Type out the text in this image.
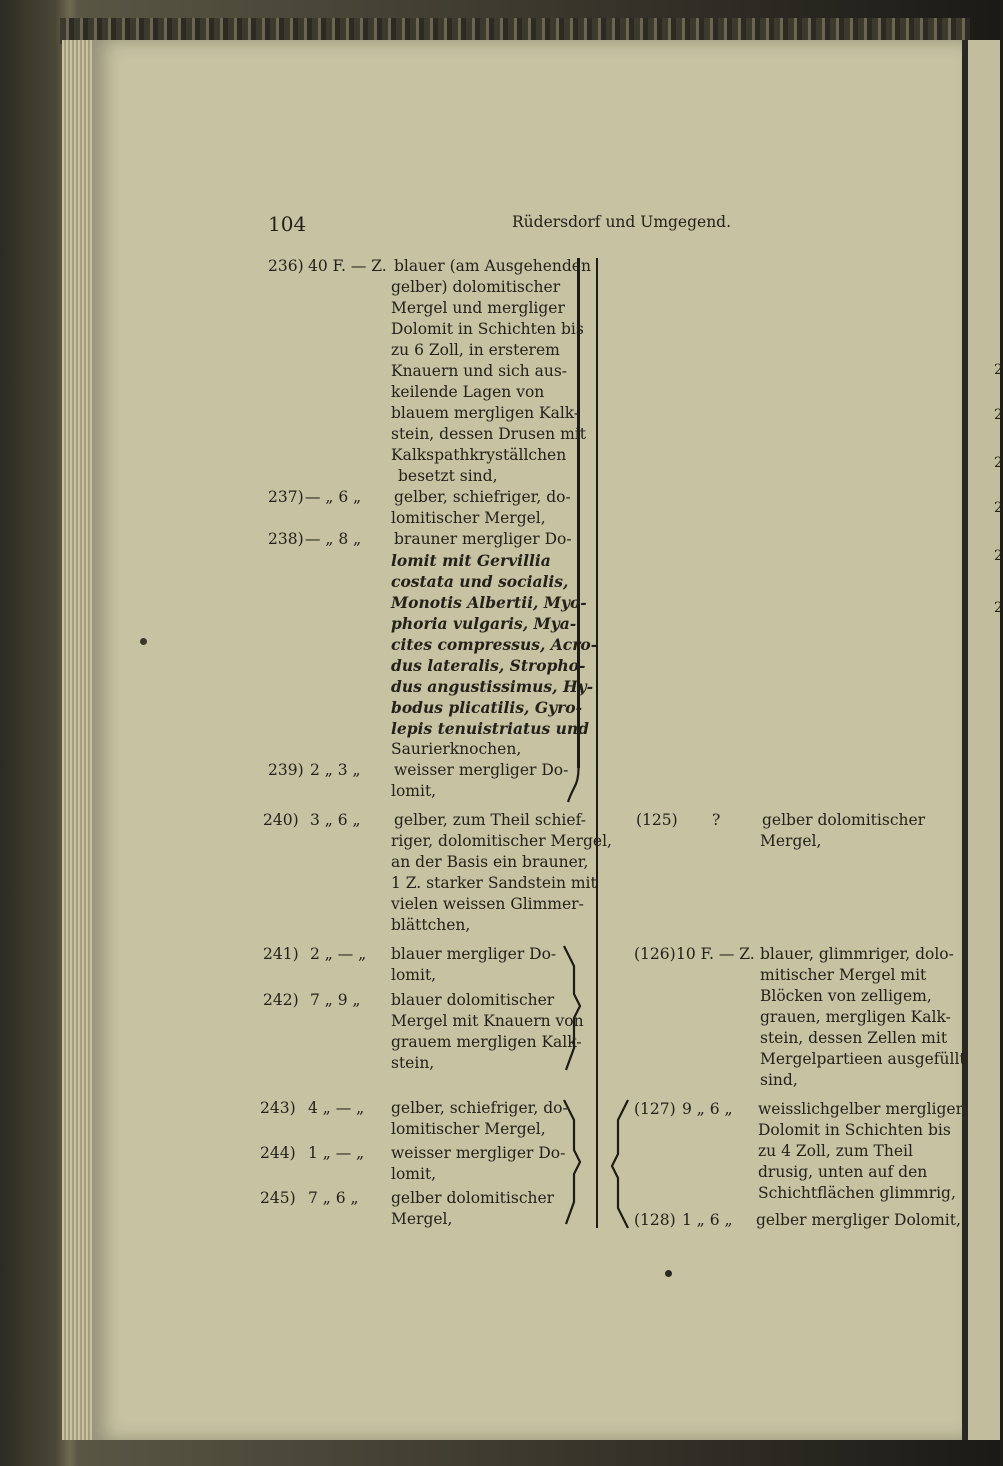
104	Rüdersdorf und Umgegend.
236) 40 F. — Z. blauer (am Ausgehenden
gelber) dolomitischer
Mergel und mergliger
Dolomit in Schichten bis
zu 6 Zoll, in ersterem
Knauern und sich aus-
keilende Lagen von
blauem mergligen Kalk-
stein, dessen Drusen mit
Kalkspathkryställchen
besetzt sind,
237) — „ 6 „ gelber, schiefriger, do-
lomitischer Mergel,
238) — „ 8 „ brauner mergliger Do-
lomit mit Gervillia
costata und socialis,
Monotis Albertii, Myo-
phoria vulgaris, Mya-
cites compressus, Acro-
dus lateralis, Stropho-
dus angustissimus, Hy-
bodus plicatilis, Gyro-
lepis tenuistriatus und
Saurierknochen,
239) 2 „ 3 „ weisser mergliger Do-
lomit,
240) 3 „ 6 „ gelber, zum Theil schief-
riger, dolomitischer Mergel,
an der Basis ein brauner,
1 Z. starker Sandstein mit
vielen weissen Glimmer-
blättchen,
241) 2 „ — „ blauer mergliger Do-
lomit,
242) 7 „ 9 „ blauer dolomitischer
Mergel mit Knauern von
grauem mergligen Kalk-
stein,
243) 4 „ — „ gelber, schiefriger, do-
lomitischer Mergel,
244) 1 „ — „ weisser mergliger Do-
lomit,
245) 7 „ 6 „ gelber dolomitischer
Mergel,
(125) ?	gelber dolomitischer
Mergel,
(126) 10 F. — Z. blauer, glimmriger, dolo-
mitischer Mergel mit
Blöcken von zelligem,
grauen, mergligen Kalk-
stein, dessen Zellen mit
Mergelpartieen ausgefüllt
sind,
(127) 9 „ 6 „ weisslichgelber mergliger
Dolomit in Schichten bis
zu 4 Zoll, zum Theil
drusig, unten auf den
Schichtflächen glimmrig,
(128) 1 „ 6 „ gelber mergliger Dolomit,
2
2
2
2
2
2
